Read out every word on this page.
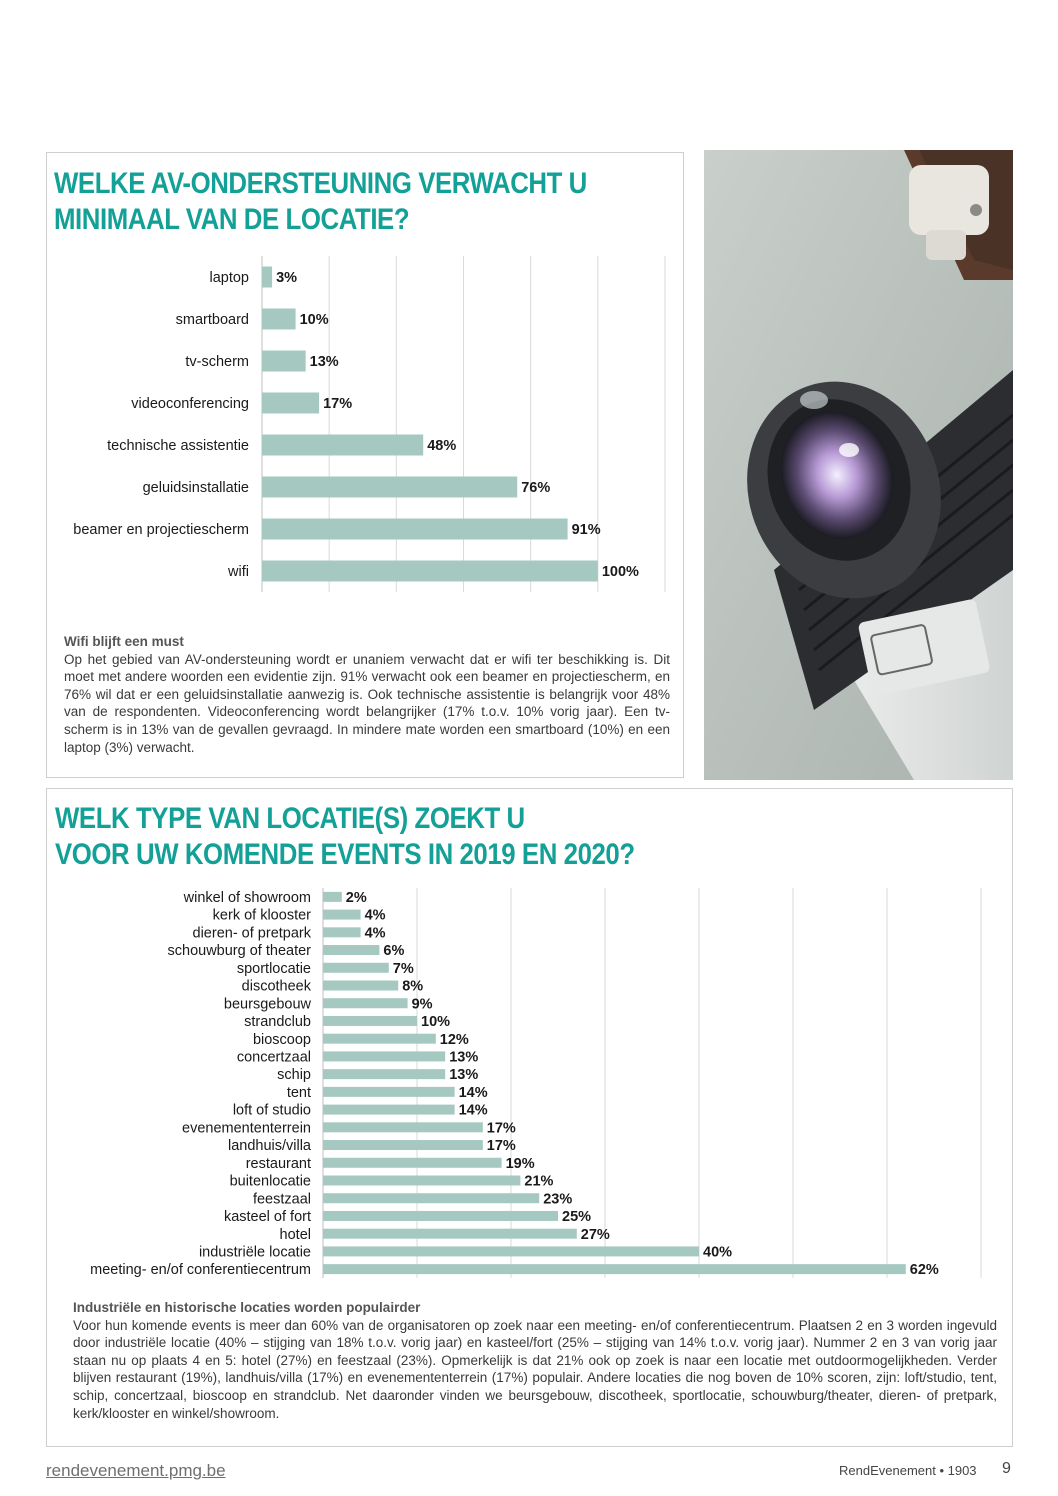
WELKE AV-ONDERSTEUNING VERWACHT U
MINIMAAL VAN DE LOCATIE?
laptop 3%
smartboard	10%
tv-scherm	13%
videoconferencing	17%
technische assistentie	48%
geluidsinstallatie	76%
beamer en projectiescherm	91%
wifi	100%
Wifi blijft een must
Op het gebied van AV-ondersteuning wordt er unaniem verwacht dat er wifi ter beschikking is. Dit moet met andere woorden een evidentie zijn. 91% verwacht ook een beamer en projectiescherm, en 76% wil dat er een geluidsinstallatie aanwezig is. Ook technische assistentie is belangrijk voor 48% van de respondenten. Videoconferencing wordt belangrijker (17% t.o.v. 10% vorig jaar). Een tv-scherm is in 13% van de gevallen gevraagd. In mindere mate worden een smartboard (10%) en een laptop (3%) verwacht.
WELK TYPE VAN LOCATIE(S) ZOEKT U
VOOR UW KOMENDE EVENTS IN 2019 EN 2020?
winkel of showroom 2%
kerk of klooster	4%
dieren- of pretpark	4%
schouwburg of theater	6%
sportlocatie	7%
discotheek	8%
beursgebouw	9%
strandclub	10%
bioscoop	12%
concertzaal	13%
schip	13%
tent	14%
loft of studio	14%
evenemententerrein	17%
landhuis/villa	17%
restaurant	19%
buitenlocatie	21%
feestzaal	23%
kasteel of fort	25%
hotel	27%
industriële locatie	40%
meeting- en/of conferentiecentrum	62%
Industriële en historische locaties worden populairder
Voor hun komende events is meer dan 60% van de organisatoren op zoek naar een meeting- en/of conferentiecentrum. Plaatsen 2 en 3 worden ingevuld door industriële locatie (40% – stijging van 18% t.o.v. vorig jaar) en kasteel/fort (25% – stijging van 14% t.o.v. vorig jaar). Nummer 2 en 3 van vorig jaar staan nu op plaats 4 en 5: hotel (27%) en feestzaal (23%). Opmerkelijk is dat 21% ook op zoek is naar een locatie met outdoormogelijkheden. Verder blijven restaurant (19%), landhuis/villa (17%) en evenemententerrein (17%) populair. Andere locaties die nog boven de 10% scoren, zijn: loft/studio, tent, schip, concertzaal, bioscoop en strandclub. Net daaronder vinden we beursgebouw, discotheek, sportlocatie, schouwburg/theater, dieren- of pretpark, kerk/klooster en winkel/showroom.
rendevenement.pmg.be	RendEvenement • 1903 9
